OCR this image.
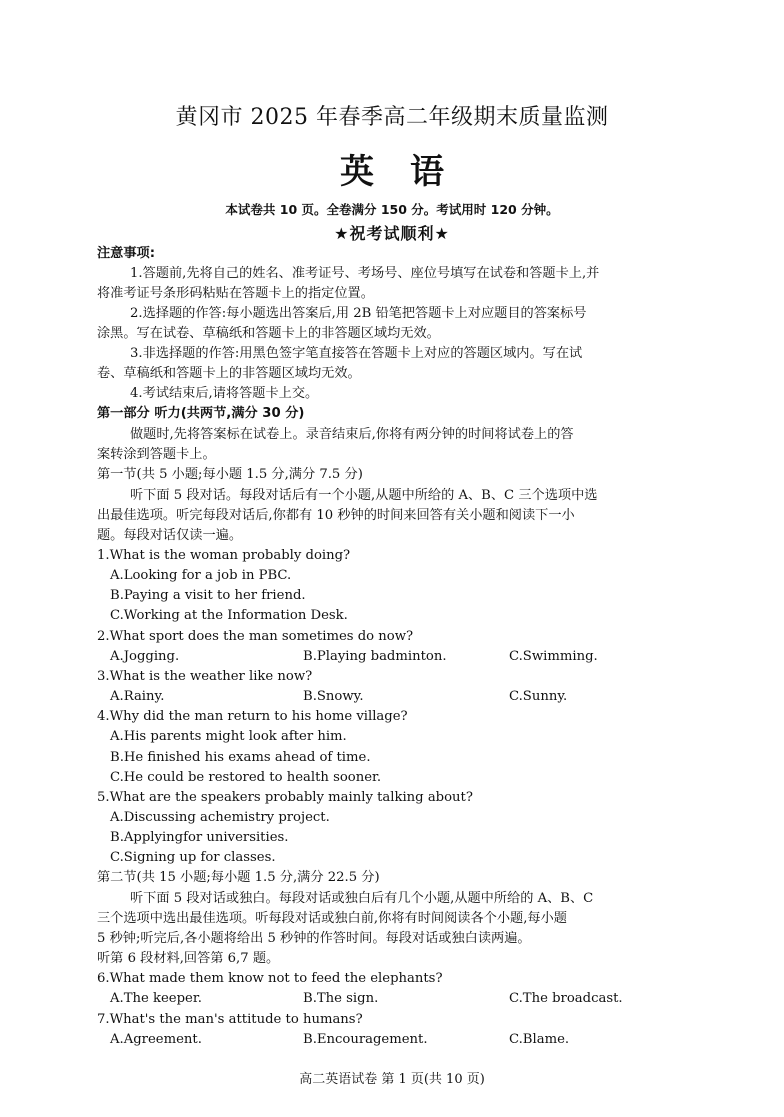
黄冈市 2025 年春季高二年级期末质量监测
英语
本试卷共 10 页。全卷满分 150 分。考试用时 120 分钟。
★祝考试顺利★
注意事项:
1.答题前,先将自己的姓名、准考证号、考场号、座位号填写在试卷和答题卡上,并
将准考证号条形码粘贴在答题卡上的指定位置。
2.选择题的作答:每小题选出答案后,用 2B 铅笔把答题卡上对应题目的答案标号
涂黑。写在试卷、草稿纸和答题卡上的非答题区域均无效。
3.非选择题的作答:用黑色签字笔直接答在答题卡上对应的答题区域内。写在试
卷、草稿纸和答题卡上的非答题区域均无效。
4.考试结束后,请将答题卡上交。
第一部分 听力(共两节,满分 30 分)
做题时,先将答案标在试卷上。录音结束后,你将有两分钟的时间将试卷上的答
案转涂到答题卡上。
第一节(共 5 小题;每小题 1.5 分,满分 7.5 分)
听下面 5 段对话。每段对话后有一个小题,从题中所给的 A、B、C 三个选项中选
出最佳选项。听完每段对话后,你都有 10 秒钟的时间来回答有关小题和阅读下一小
题。每段对话仅读一遍。
1.What is the woman probably doing?
A.Looking for a job in PBC.
B.Paying a visit to her friend.
C.Working at the Information Desk.
2.What sport does the man sometimes do now?
A.Jogging.	B.Playing badminton.	C.Swimming.
3.What is the weather like now?
A.Rainy.	B.Snowy.	C.Sunny.
4.Why did the man return to his home village?
A.His parents might look after him.
B.He finished his exams ahead of time.
C.He could be restored to health sooner.
5.What are the speakers probably mainly talking about?
A.Discussing achemistry project.
B.Applyingfor universities.
C.Signing up for classes.
第二节(共 15 小题;每小题 1.5 分,满分 22.5 分)
听下面 5 段对话或独白。每段对话或独白后有几个小题,从题中所给的 A、B、C
三个选项中选出最佳选项。听每段对话或独白前,你将有时间阅读各个小题,每小题
5 秒钟;听完后,各小题将给出 5 秒钟的作答时间。每段对话或独白读两遍。
听第 6 段材料,回答第 6,7 题。
6.What made them know not to feed the elephants?
A.The keeper.	B.The sign.	C.The broadcast.
7.What's the man's attitude to humans?
A.Agreement.	B.Encouragement.	C.Blame.
高二英语试卷 第 1 页(共 10 页)
